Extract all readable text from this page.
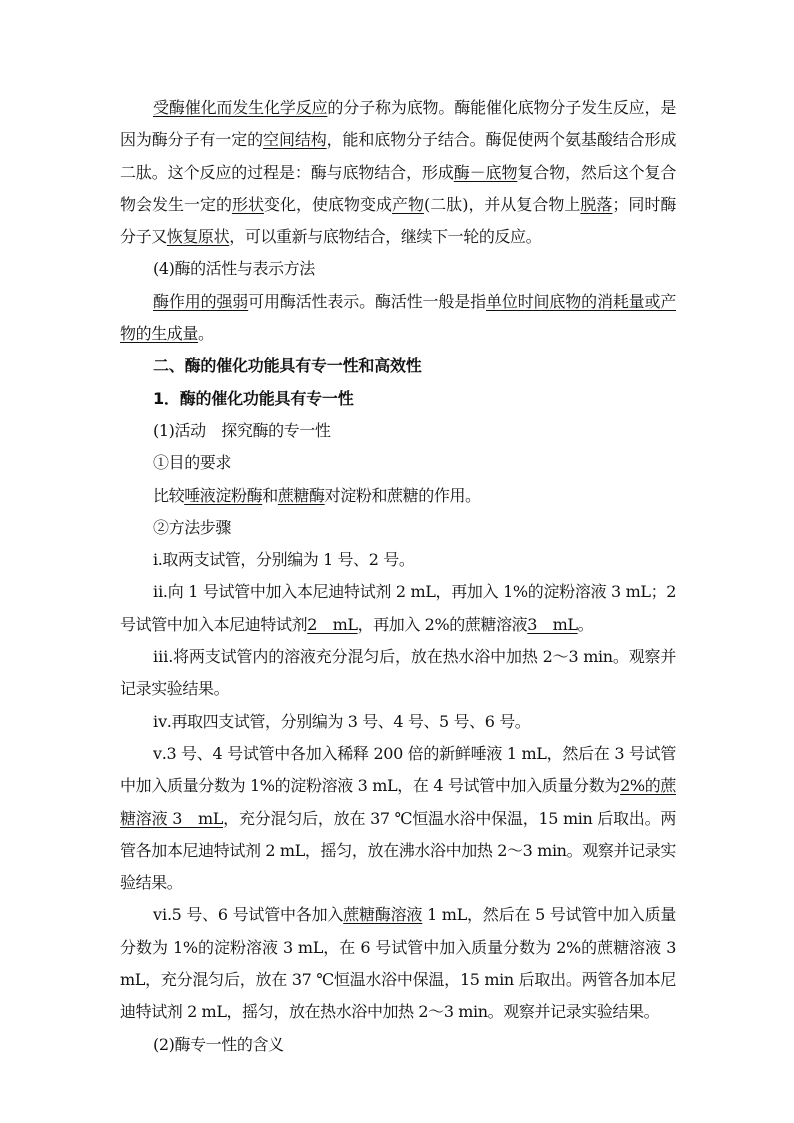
受酶催化而发生化学反应的分子称为底物。酶能催化底物分子发生反应，是因为酶分子有一定的空间结构，能和底物分子结合。酶促使两个氨基酸结合形成二肽。这个反应的过程是：酶与底物结合，形成酶－底物复合物，然后这个复合物会发生一定的形状变化，使底物变成产物(二肽)，并从复合物上脱落；同时酶分子又恢复原状，可以重新与底物结合，继续下一轮的反应。

(4)酶的活性与表示方法

酶作用的强弱可用酶活性表示。酶活性一般是指单位时间底物的消耗量或产物的生成量。

二、酶的催化功能具有专一性和高效性

1．酶的催化功能具有专一性

(1)活动　探究酶的专一性

①目的要求

比较唾液淀粉酶和蔗糖酶对淀粉和蔗糖的作用。

②方法步骤

ⅰ.取两支试管，分别编为 1 号、2 号。

ⅱ.向 1 号试管中加入本尼迪特试剂 2 mL，再加入 1%的淀粉溶液 3 mL；2 号试管中加入本尼迪特试剂2　mL，再加入 2%的蔗糖溶液3　mL。

ⅲ.将两支试管内的溶液充分混匀后，放在热水浴中加热 2～3 min。观察并记录实验结果。

ⅳ.再取四支试管，分别编为 3 号、4 号、5 号、6 号。

ⅴ.3 号、4 号试管中各加入稀释 200 倍的新鲜唾液 1 mL，然后在 3 号试管中加入质量分数为 1%的淀粉溶液 3 mL，在 4 号试管中加入质量分数为2%的蔗糖溶液 3　mL，充分混匀后，放在 37 ℃恒温水浴中保温，15 min 后取出。两管各加本尼迪特试剂 2 mL，摇匀，放在沸水浴中加热 2～3 min。观察并记录实验结果。

ⅵ.5 号、6 号试管中各加入蔗糖酶溶液 1 mL，然后在 5 号试管中加入质量分数为 1%的淀粉溶液 3 mL，在 6 号试管中加入质量分数为 2%的蔗糖溶液 3 mL，充分混匀后，放在 37 ℃恒温水浴中保温，15 min 后取出。两管各加本尼迪特试剂 2 mL，摇匀，放在热水浴中加热 2～3 min。观察并记录实验结果。

(2)酶专一性的含义
